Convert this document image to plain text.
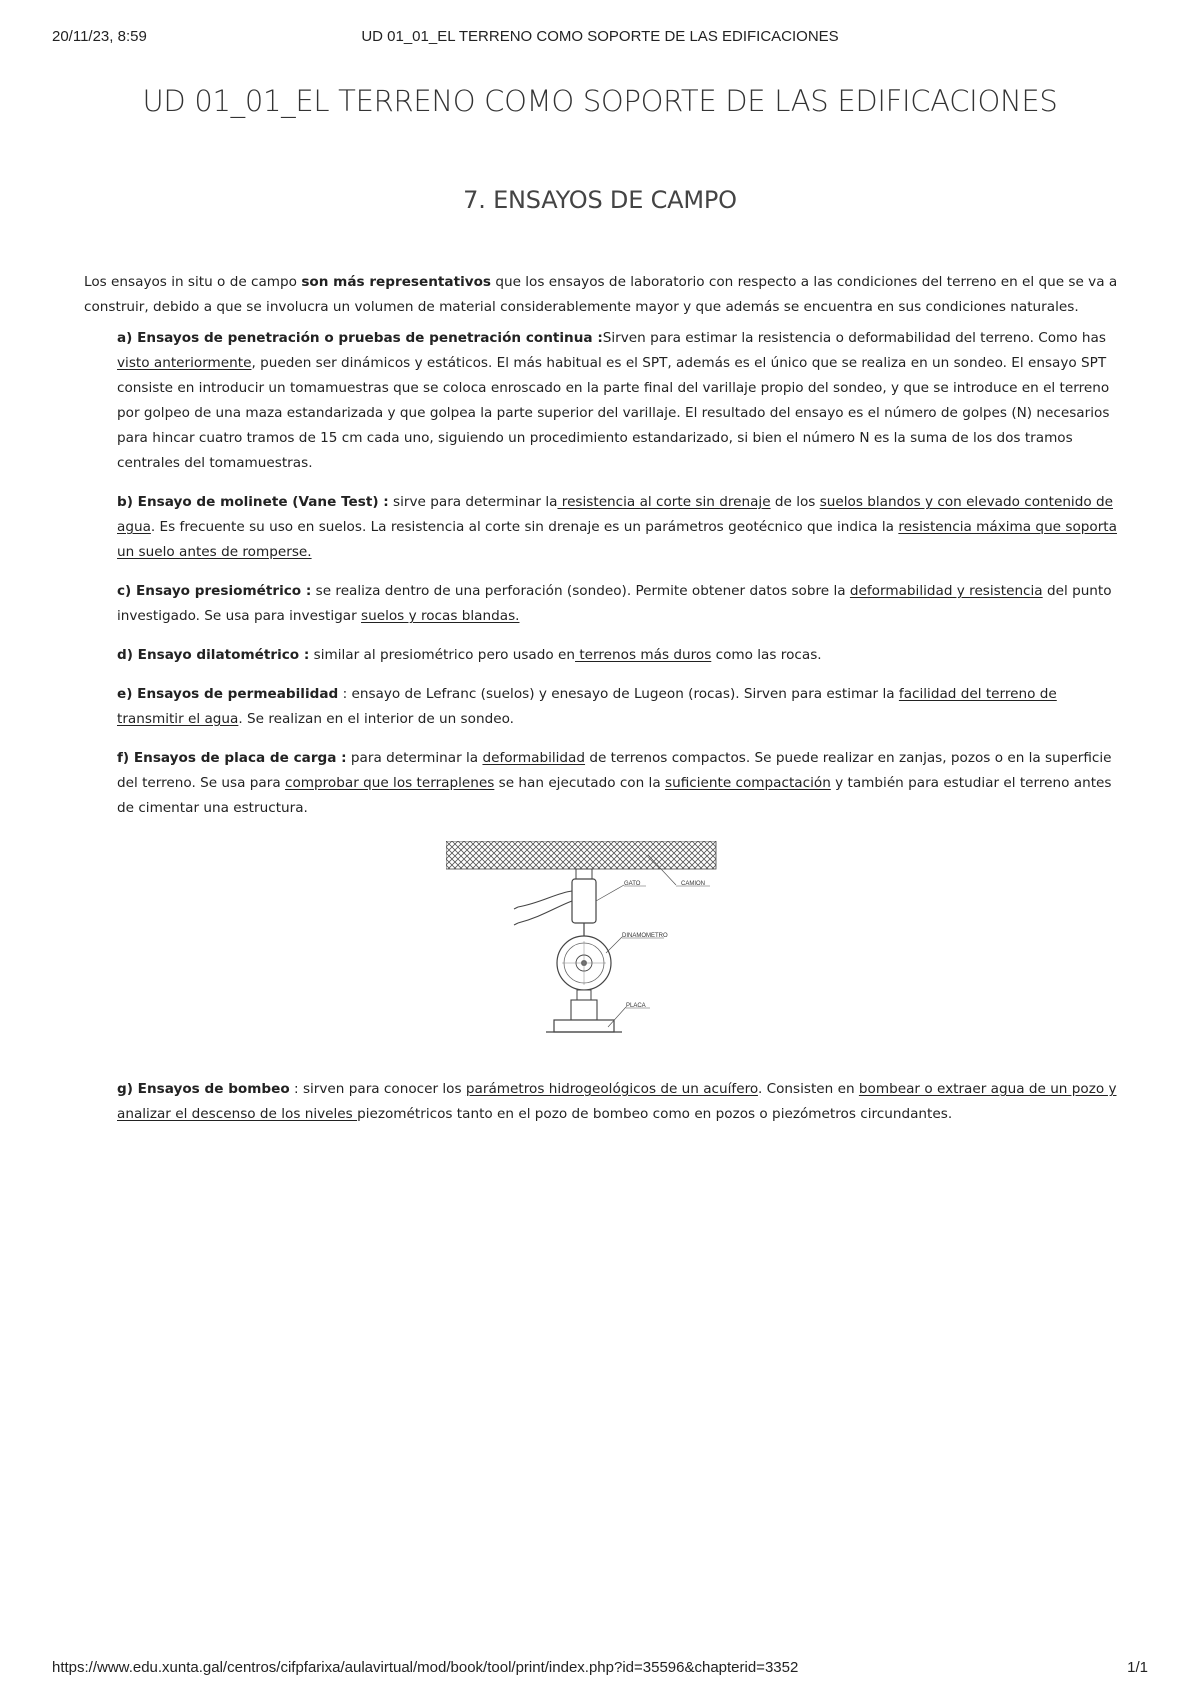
20/11/23, 8:59	UD 01_01_EL TERRENO COMO SOPORTE DE LAS EDIFICACIONES
UD 01_01_EL TERRENO COMO SOPORTE DE LAS EDIFICACIONES
7. ENSAYOS DE CAMPO

Los ensayos in situ o de campo son más representativos que los ensayos de laboratorio con respecto a las condiciones del terreno en el que se va a construir, debido a que se involucra un volumen de material considerablemente mayor y que además se encuentra en sus condiciones naturales.

a) Ensayos de penetración o pruebas de penetración continua :Sirven para estimar la resistencia o deformabilidad del terreno. Como has visto anteriormente, pueden ser dinámicos y estáticos. El más habitual es el SPT, además es el único que se realiza en un sondeo. El ensayo SPT consiste en introducir un tomamuestras que se coloca enroscado en la parte final del varillaje propio del sondeo, y que se introduce en el terreno por golpeo de una maza estandarizada y que golpea la parte superior del varillaje. El resultado del ensayo es el número de golpes (N) necesarios para hincar cuatro tramos de 15 cm cada uno, siguiendo un procedimiento estandarizado, si bien el número N es la suma de los dos tramos centrales del tomamuestras.

b) Ensayo de molinete (Vane Test) : sirve para determinar la resistencia al corte sin drenaje de los suelos blandos y con elevado contenido de agua. Es frecuente su uso en suelos. La resistencia al corte sin drenaje es un parámetros geotécnico que indica la resistencia máxima que soporta un suelo antes de romperse.

c) Ensayo presiométrico : se realiza dentro de una perforación (sondeo). Permite obtener datos sobre la deformabilidad y resistencia del punto investigado. Se usa para investigar suelos y rocas blandas.

d) Ensayo dilatométrico : similar al presiométrico pero usado en terrenos más duros como las rocas.

e) Ensayos de permeabilidad : ensayo de Lefranc (suelos) y enesayo de Lugeon (rocas). Sirven para estimar la facilidad del terreno de transmitir el agua. Se realizan en el interior de un sondeo.

f) Ensayos de placa de carga : para determinar la deformabilidad de terrenos compactos. Se puede realizar en zanjas, pozos o en la superficie del terreno. Se usa para comprobar que los terraplenes se han ejecutado con la suficiente compactación y también para estudiar el terreno antes de cimentar una estructura.

GATO	CAMION
DINAMOMETRO
PLACA

g) Ensayos de bombeo : sirven para conocer los parámetros hidrogeológicos de un acuífero. Consisten en bombear o extraer agua de un pozo y analizar el descenso de los niveles piezométricos tanto en el pozo de bombeo como en pozos o piezómetros circundantes.

https://www.edu.xunta.gal/centros/cifpfarixa/aulavirtual/mod/book/tool/print/index.php?id=35596&chapterid=3352	1/1
